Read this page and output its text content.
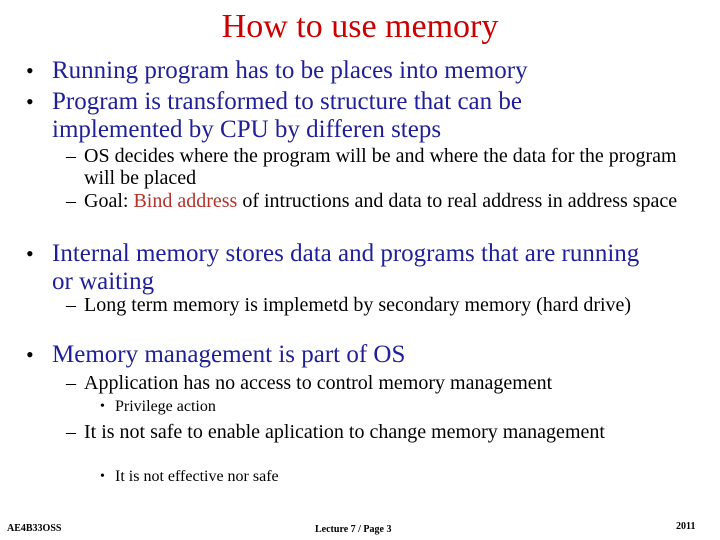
How to use memory
• Running program has to be places into memory
• Program is transformed to structure that can be implemented by CPU by differen steps
– OS decides where the program will be and where the data for the program will be placed
– Goal: Bind address of intructions and data to real address in address space
• Internal memory stores data and programs that are running or waiting
– Long term memory is implemetd by secondary memory (hard drive)
• Memory management is part of OS
– Application has no access to control memory management
• Privilege action
– It is not safe to enable aplication to change memory management
• It is not effective nor safe
AE4B33OSS	Lecture 7 / Page 3	2011
